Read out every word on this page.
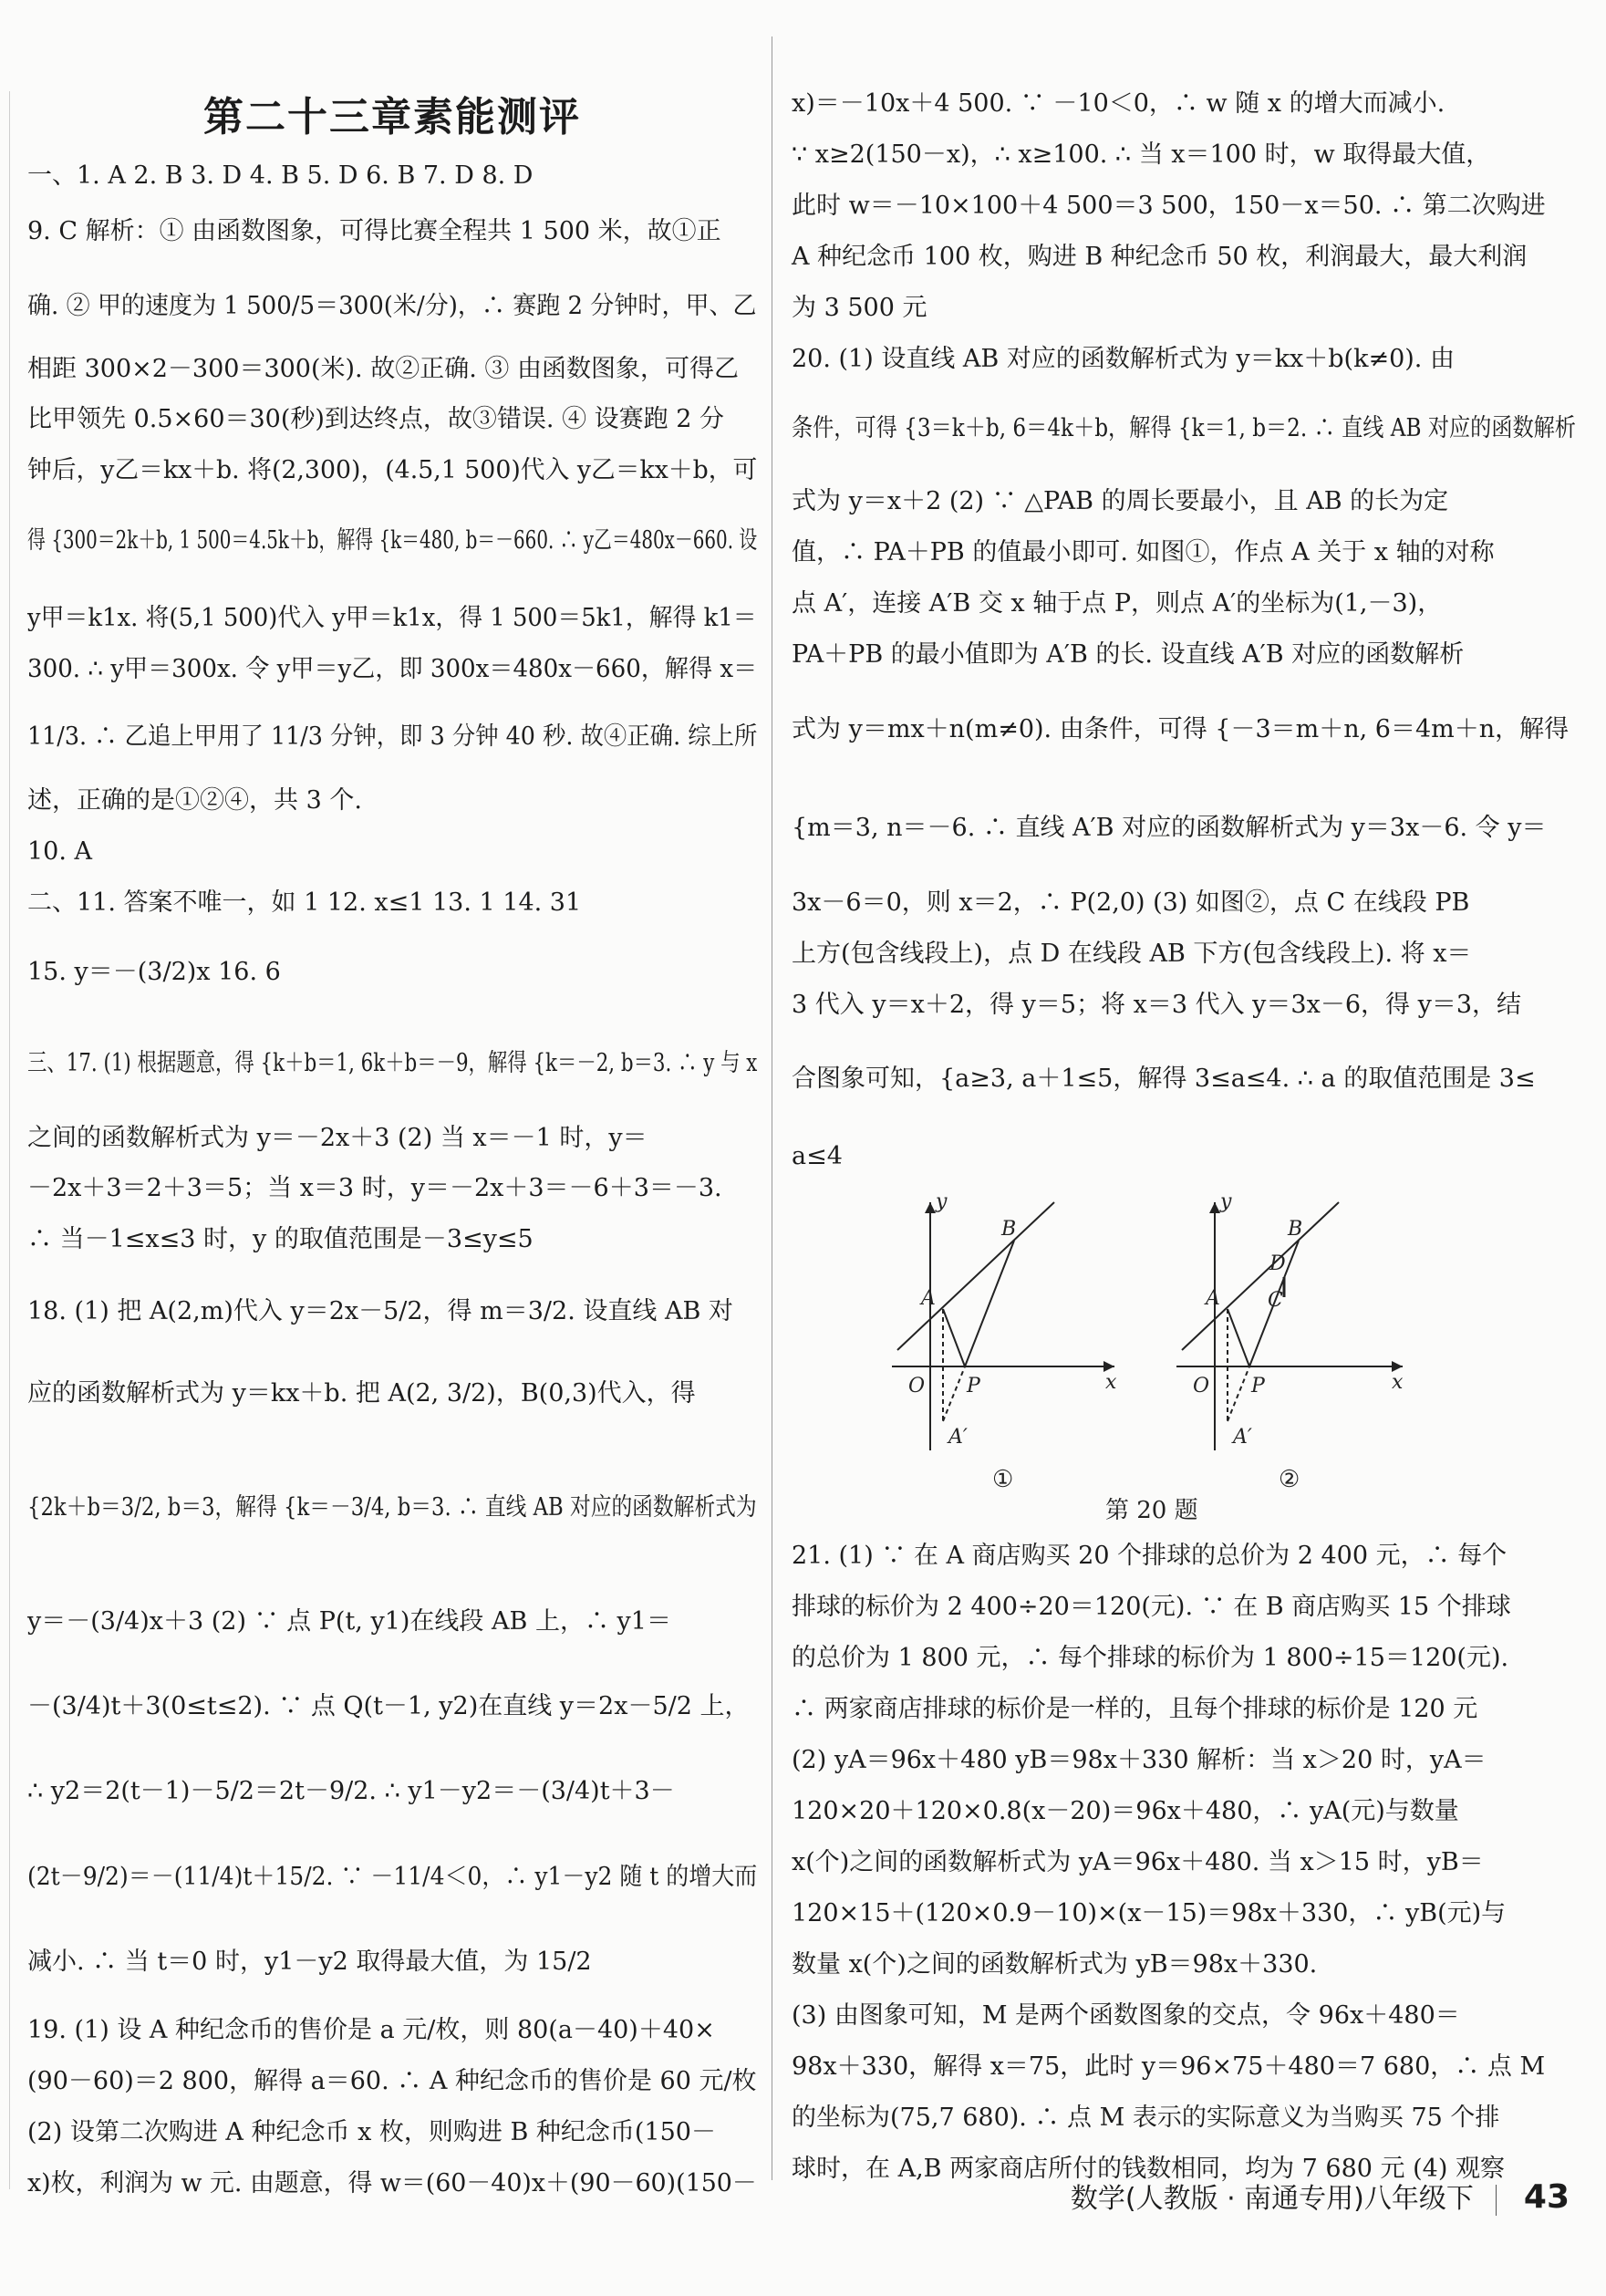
第二十三章素能测评
一、1. A 2. B 3. D 4. B 5. D 6. B 7. D 8. D
9. C 解析：① 由函数图象，可得比赛全程共 1 500 米，故①正
确. ② 甲的速度为 1 500/5＝300(米/分)，∴ 赛跑 2 分钟时，甲、乙
相距 300×2－300＝300(米). 故②正确. ③ 由函数图象，可得乙
比甲领先 0.5×60＝30(秒)到达终点，故③错误. ④ 设赛跑 2 分
钟后，y乙＝kx＋b. 将(2,300)，(4.5,1 500)代入 y乙＝kx＋b，可
得 {300＝2k＋b, 1 500＝4.5k＋b，解得 {k＝480, b＝－660. ∴ y乙＝480x－660. 设
y甲＝k1x. 将(5,1 500)代入 y甲＝k1x，得 1 500＝5k1，解得 k1＝
300. ∴ y甲＝300x. 令 y甲＝y乙，即 300x＝480x－660，解得 x＝
11/3. ∴ 乙追上甲用了 11/3 分钟，即 3 分钟 40 秒. 故④正确. 综上所
述，正确的是①②④，共 3 个.
10. A
二、11. 答案不唯一，如 1 12. x≤1 13. 1 14. 31
15. y＝－(3/2)x 16. 6
三、17. (1) 根据题意，得 {k＋b＝1, 6k＋b＝－9，解得 {k＝－2, b＝3. ∴ y 与 x
之间的函数解析式为 y＝－2x＋3 (2) 当 x＝－1 时，y＝
－2x＋3＝2＋3＝5；当 x＝3 时，y＝－2x＋3＝－6＋3＝－3.
∴ 当－1≤x≤3 时，y 的取值范围是－3≤y≤5
18. (1) 把 A(2,m)代入 y＝2x－5/2，得 m＝3/2. 设直线 AB 对
应的函数解析式为 y＝kx＋b. 把 A(2, 3/2)，B(0,3)代入，得
{2k＋b＝3/2, b＝3，解得 {k＝－3/4, b＝3. ∴ 直线 AB 对应的函数解析式为
y＝－(3/4)x＋3 (2) ∵ 点 P(t, y1)在线段 AB 上，∴ y1＝
－(3/4)t＋3(0≤t≤2). ∵ 点 Q(t－1, y2)在直线 y＝2x－5/2 上，
∴ y2＝2(t－1)－5/2＝2t－9/2. ∴ y1－y2＝－(3/4)t＋3－
(2t－9/2)＝－(11/4)t＋15/2. ∵ －11/4＜0，∴ y1－y2 随 t 的增大而
减小. ∴ 当 t＝0 时，y1－y2 取得最大值，为 15/2
19. (1) 设 A 种纪念币的售价是 a 元/枚，则 80(a－40)＋40×
(90－60)＝2 800，解得 a＝60. ∴ A 种纪念币的售价是 60 元/枚
(2) 设第二次购进 A 种纪念币 x 枚，则购进 B 种纪念币(150－
x)枚，利润为 w 元. 由题意，得 w＝(60－40)x＋(90－60)(150－
x)＝－10x＋4 500. ∵ －10＜0，∴ w 随 x 的增大而减小.
∵ x≥2(150－x)，∴ x≥100. ∴ 当 x＝100 时，w 取得最大值，
此时 w＝－10×100＋4 500＝3 500，150－x＝50. ∴ 第二次购进
A 种纪念币 100 枚，购进 B 种纪念币 50 枚，利润最大，最大利润
为 3 500 元
20. (1) 设直线 AB 对应的函数解析式为 y＝kx＋b(k≠0). 由
条件，可得 {3＝k＋b, 6＝4k＋b，解得 {k＝1, b＝2. ∴ 直线 AB 对应的函数解析
式为 y＝x＋2 (2) ∵ △PAB 的周长要最小，且 AB 的长为定
值，∴ PA＋PB 的值最小即可. 如图①，作点 A 关于 x 轴的对称
点 A′，连接 A′B 交 x 轴于点 P，则点 A′的坐标为(1,－3)，
PA＋PB 的最小值即为 A′B 的长. 设直线 A′B 对应的函数解析
式为 y＝mx＋n(m≠0). 由条件，可得 {－3＝m＋n, 6＝4m＋n，解得
{m＝3, n＝－6. ∴ 直线 A′B 对应的函数解析式为 y＝3x－6. 令 y＝
3x－6＝0，则 x＝2，∴ P(2,0) (3) 如图②，点 C 在线段 PB
上方(包含线段上)，点 D 在线段 AB 下方(包含线段上). 将 x＝
3 代入 y＝x＋2，得 y＝5；将 x＝3 代入 y＝3x－6，得 y＝3，结
合图象可知，{a≥3, a＋1≤5，解得 3≤a≤4. ∴ a 的取值范围是 3≤
a≤4
21. (1) ∵ 在 A 商店购买 20 个排球的总价为 2 400 元，∴ 每个
排球的标价为 2 400÷20＝120(元). ∵ 在 B 商店购买 15 个排球
的总价为 1 800 元，∴ 每个排球的标价为 1 800÷15＝120(元).
∴ 两家商店排球的标价是一样的，且每个排球的标价是 120 元
(2) yA＝96x＋480 yB＝98x＋330 解析：当 x＞20 时，yA＝
120×20＋120×0.8(x－20)＝96x＋480，∴ yA(元)与数量
x(个)之间的函数解析式为 yA＝96x＋480. 当 x＞15 时，yB＝
120×15＋(120×0.9－10)×(x－15)＝98x＋330，∴ yB(元)与
数量 x(个)之间的函数解析式为 yB＝98x＋330.
(3) 由图象可知，M 是两个函数图象的交点，令 96x＋480＝
98x＋330，解得 x＝75，此时 y＝96×75＋480＝7 680，∴ 点 M
的坐标为(75,7 680). ∴ 点 M 表示的实际意义为当购买 75 个排
球时，在 A,B 两家商店所付的钱数相同，均为 7 680 元 (4) 观察
y
x
O
A
B
P
A′
①
y
x
O
A
B
P
A′
C
D
②
第 20 题
数学(人教版 · 南通专用)八年级下 43
